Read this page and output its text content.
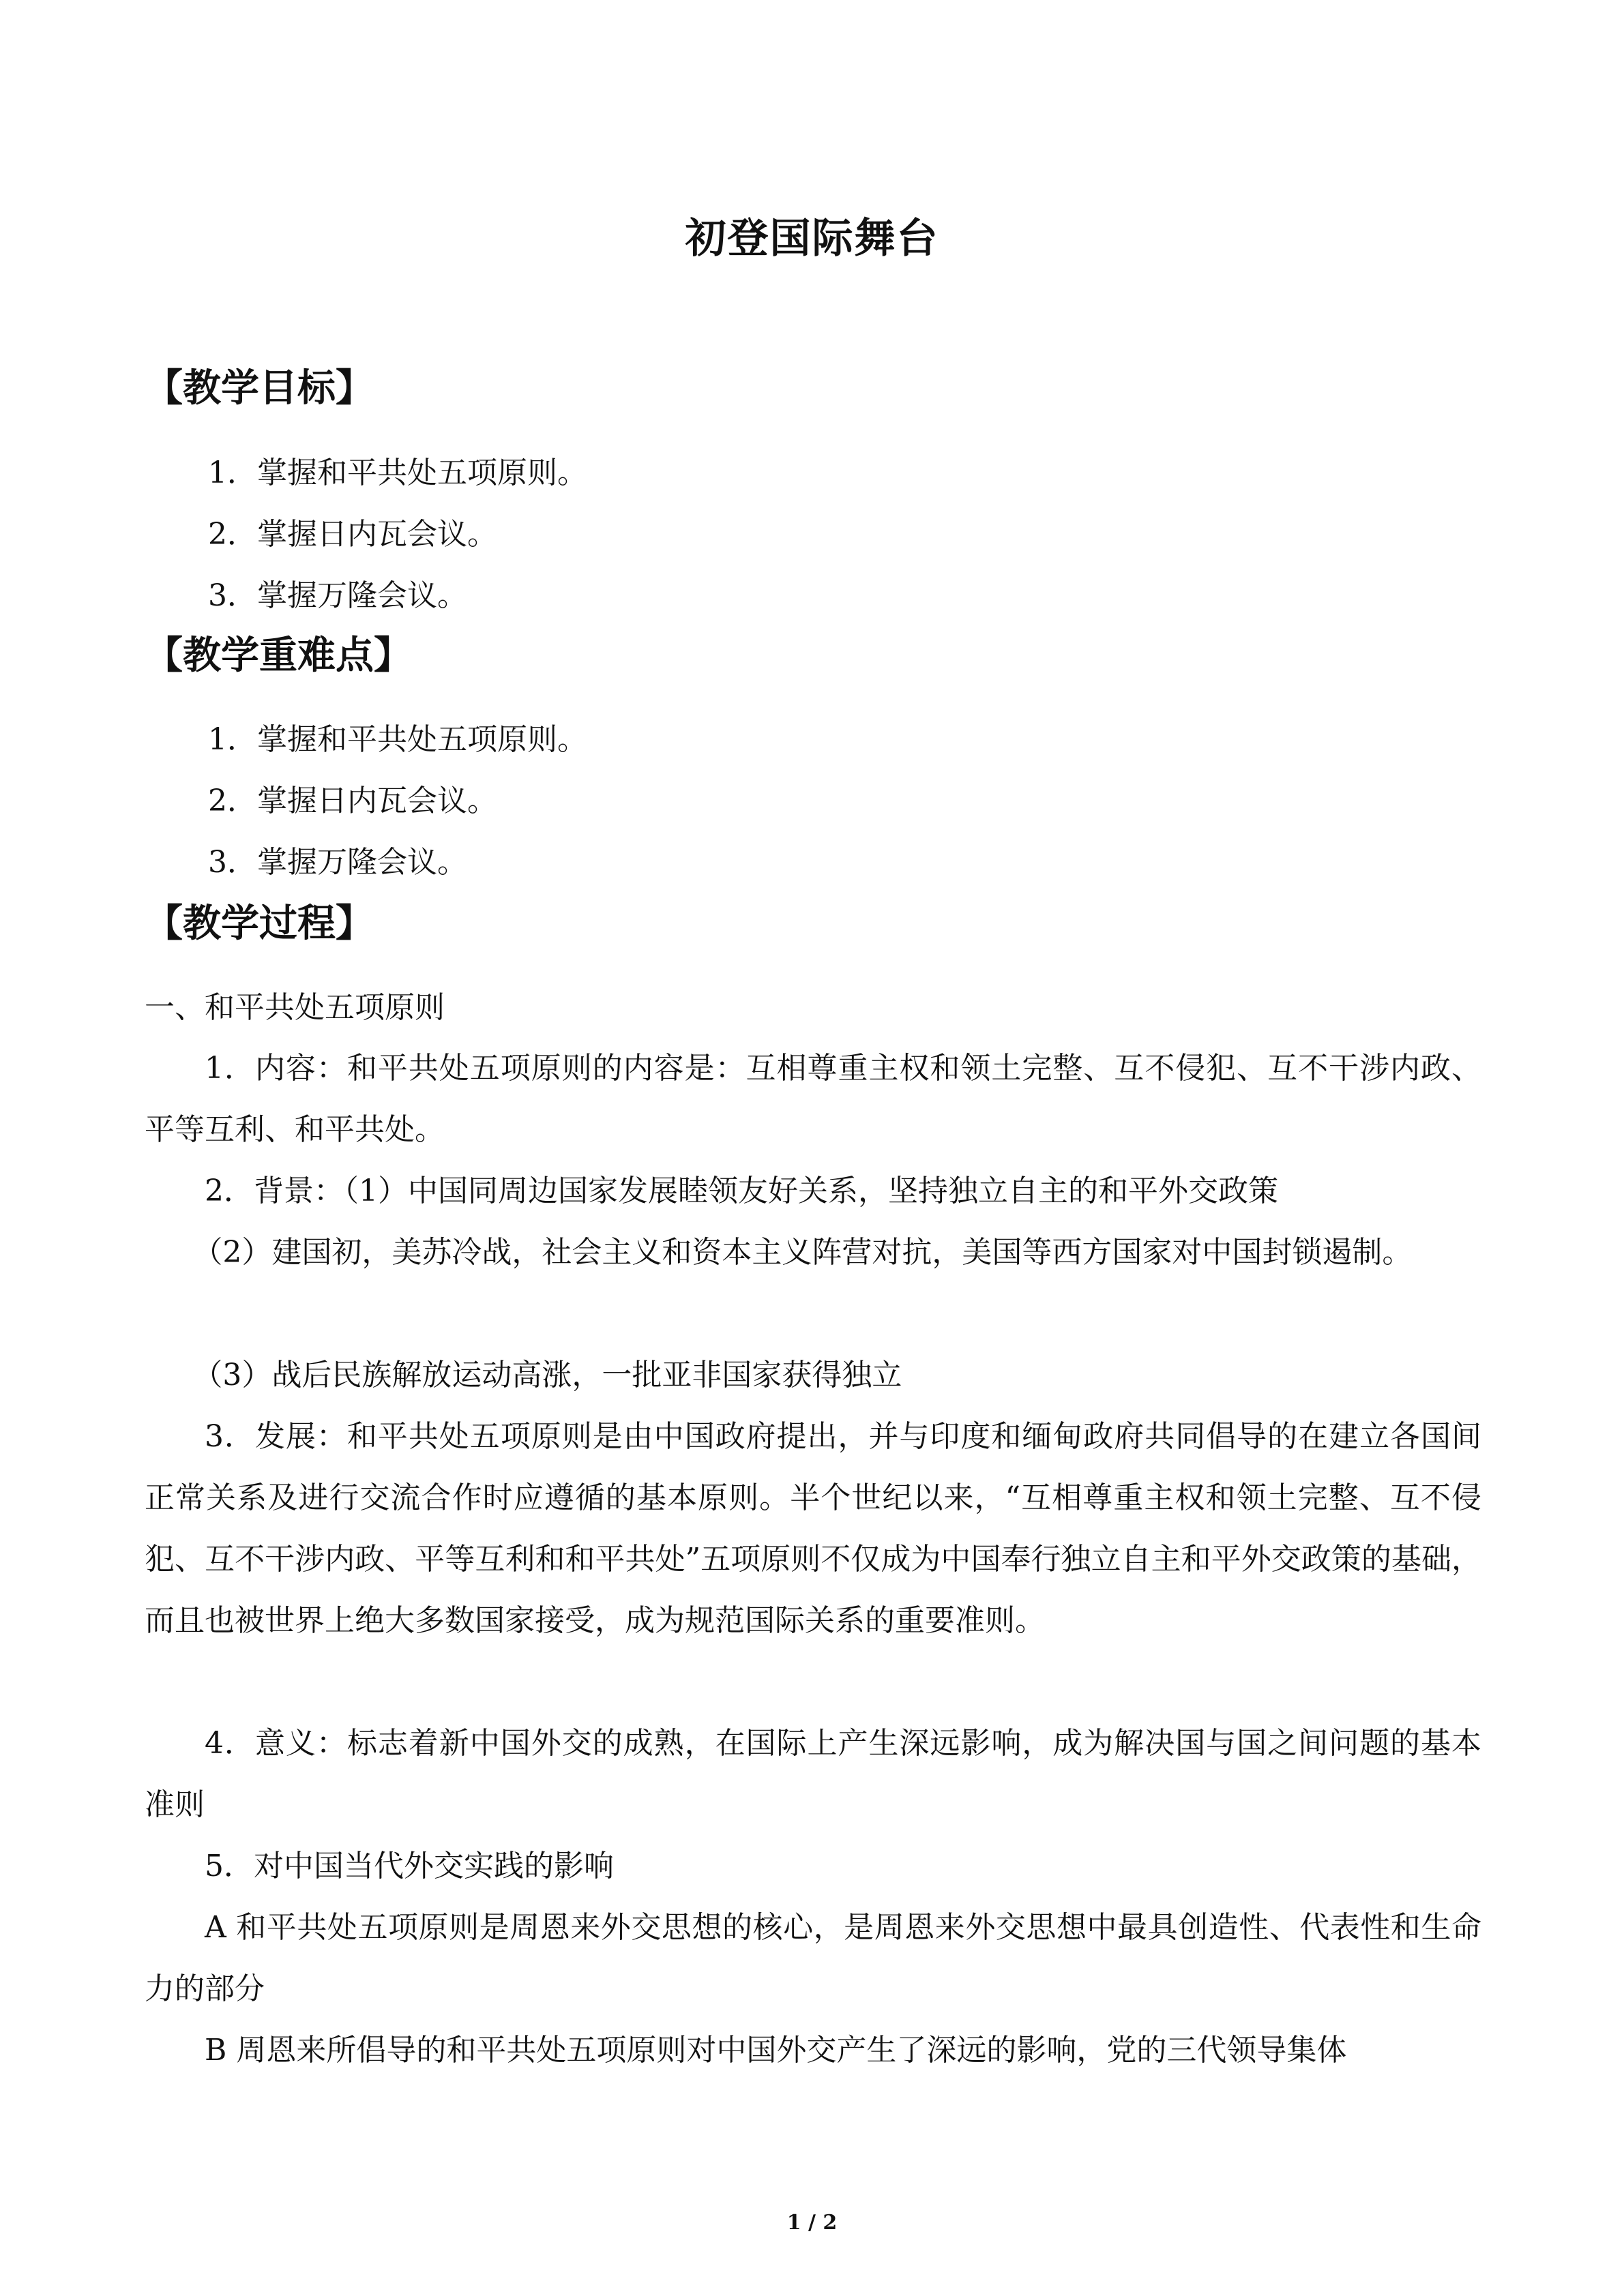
初登国际舞台
【教学目标】
1．掌握和平共处五项原则。
2．掌握日内瓦会议。
3．掌握万隆会议。
【教学重难点】
1．掌握和平共处五项原则。
2．掌握日内瓦会议。
3．掌握万隆会议。
【教学过程】
一、和平共处五项原则
1．内容：和平共处五项原则的内容是：互相尊重主权和领土完整、互不侵犯、互不干涉内政、平等互利、和平共处。
2．背景：（1）中国同周边国家发展睦领友好关系，坚持独立自主的和平外交政策
（2）建国初，美苏冷战，社会主义和资本主义阵营对抗，美国等西方国家对中国封锁遏制。
（3）战后民族解放运动高涨，一批亚非国家获得独立
3．发展：和平共处五项原则是由中国政府提出，并与印度和缅甸政府共同倡导的在建立各国间正常关系及进行交流合作时应遵循的基本原则。半个世纪以来，“互相尊重主权和领土完整、互不侵犯、互不干涉内政、平等互利和和平共处”五项原则不仅成为中国奉行独立自主和平外交政策的基础，而且也被世界上绝大多数国家接受，成为规范国际关系的重要准则。
4．意义：标志着新中国外交的成熟，在国际上产生深远影响，成为解决国与国之间问题的基本准则
5．对中国当代外交实践的影响
A 和平共处五项原则是周恩来外交思想的核心，是周恩来外交思想中最具创造性、代表性和生命力的部分
B 周恩来所倡导的和平共处五项原则对中国外交产生了深远的影响，党的三代领导集体
1 / 2
